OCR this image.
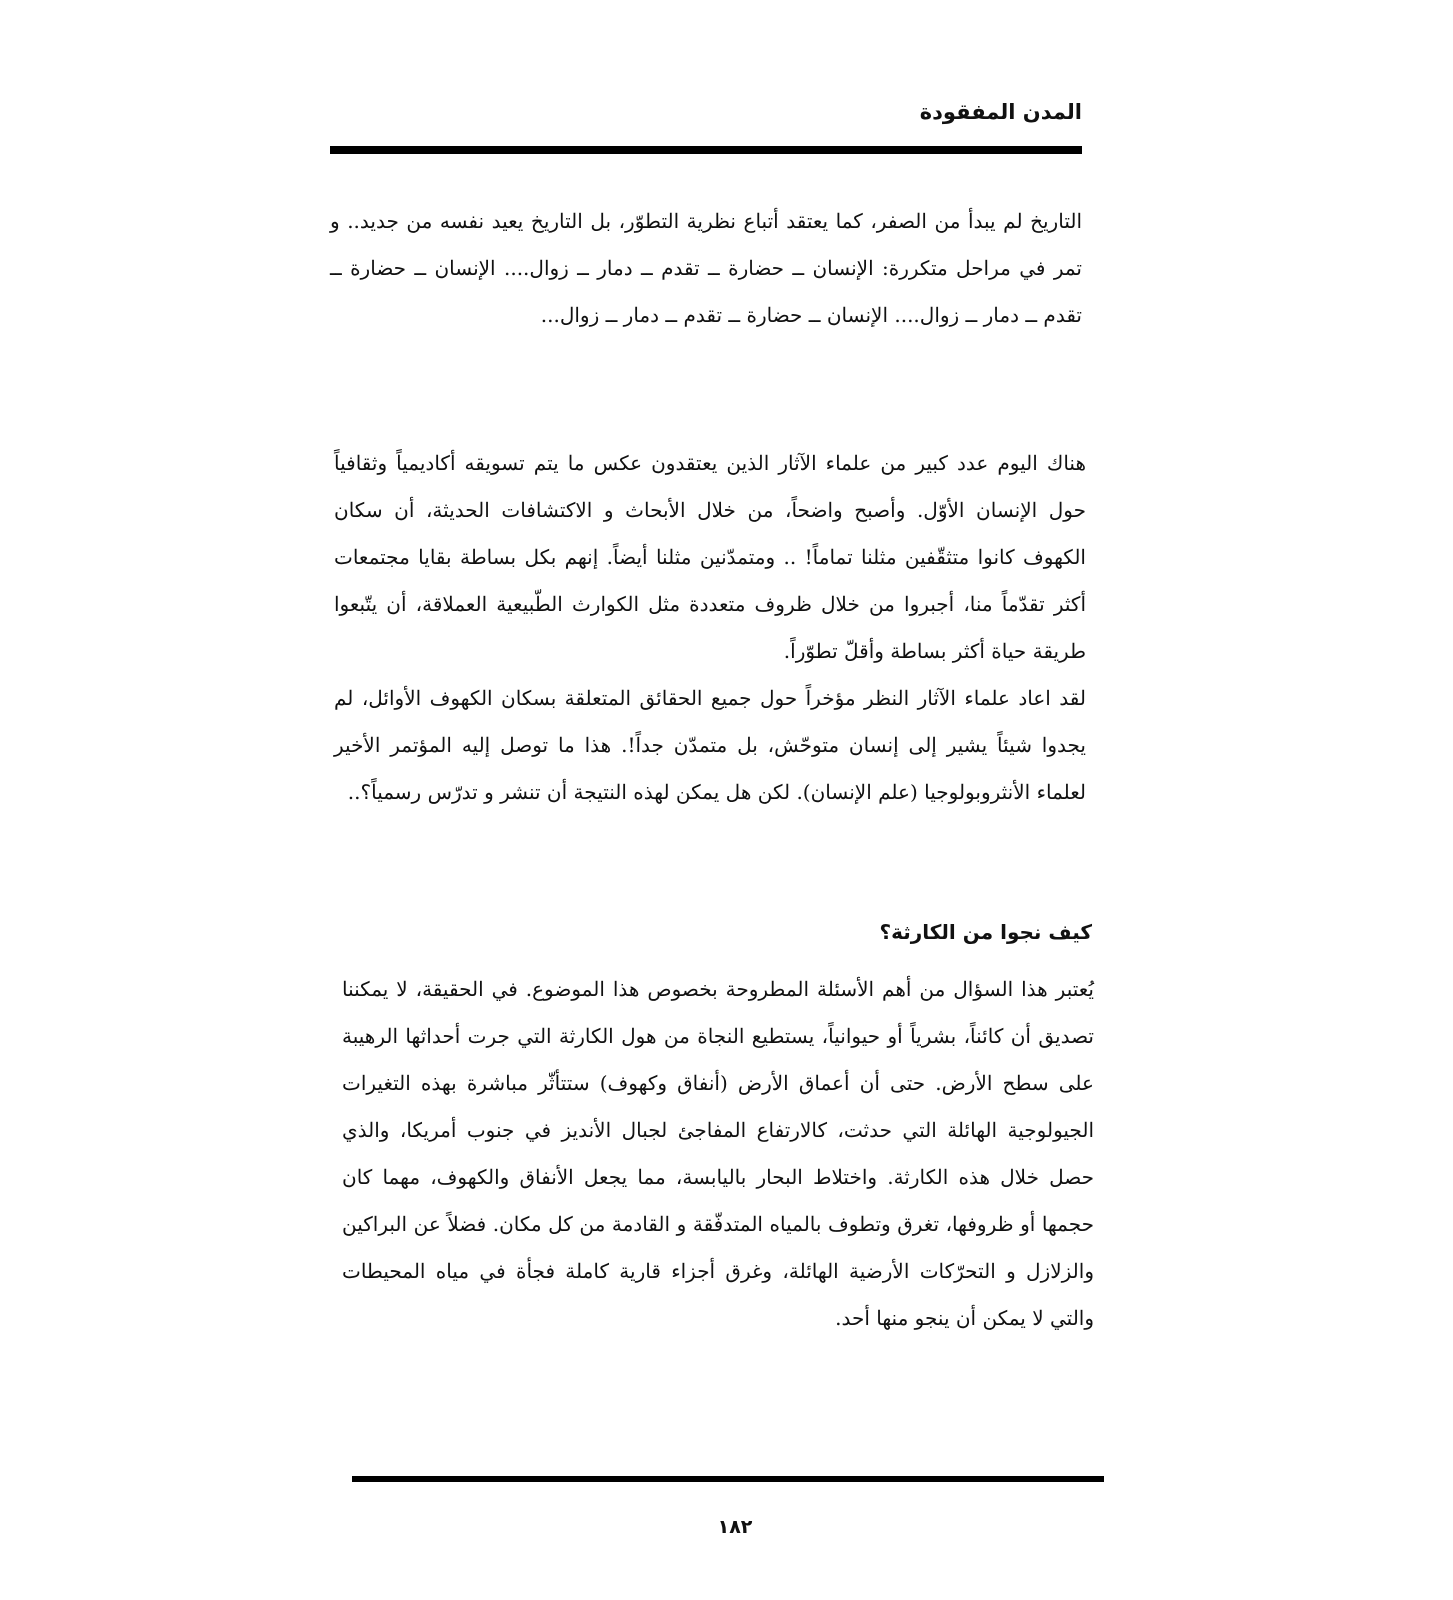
المدن المفقودة

التاريخ لم يبدأ من الصفر، كما يعتقد أتباع نظرية التطوّر، بل التاريخ يعيد نفسه من جديد.. و تمر في مراحل متكررة: الإنسان ــ حضارة ــ تقدم ــ دمار ــ زوال.... الإنسان ــ حضارة ــ تقدم ــ دمار ــ زوال.... الإنسان ــ حضارة ــ تقدم ــ دمار ــ زوال...

هناك اليوم عدد كبير من علماء الآثار الذين يعتقدون عكس ما يتم تسويقه أكاديمياً وثقافياً حول الإنسان الأوّل. وأصبح واضحاً، من خلال الأبحاث و الاكتشافات الحديثة، أن سكان الكهوف كانوا متثقّفين مثلنا تماماً! .. ومتمدّنين مثلنا أيضاً. إنهم بكل بساطة بقايا مجتمعات أكثر تقدّماً منا، أجبروا من خلال ظروف متعددة مثل الكوارث الطّبيعية العملاقة، أن يتّبعوا طريقة حياة أكثر بساطة وأقلّ تطوّراً.

لقد اعاد علماء الآثار النظر مؤخراً حول جميع الحقائق المتعلقة بسكان الكهوف الأوائل، لم يجدوا شيئاً يشير إلى إنسان متوحّش، بل متمدّن جداً!. هذا ما توصل إليه المؤتمر الأخير لعلماء الأنثروبولوجيا (علم الإنسان). لكن هل يمكن لهذه النتيجة أن تنشر و تدرّس رسمياً؟..

كيف نجوا من الكارثة؟

يُعتبر هذا السؤال من أهم الأسئلة المطروحة بخصوص هذا الموضوع. في الحقيقة، لا يمكننا تصديق أن كائناً، بشرياً أو حيوانياً، يستطيع النجاة من هول الكارثة التي جرت أحداثها الرهيبة على سطح الأرض. حتى أن أعماق الأرض (أنفاق وكهوف) ستتأثّر مباشرة بهذه التغيرات الجيولوجية الهائلة التي حدثت، كالارتفاع المفاجئ لجبال الأنديز في جنوب أمريكا، والذي حصل خلال هذه الكارثة. واختلاط البحار باليابسة، مما يجعل الأنفاق والكهوف، مهما كان حجمها أو ظروفها، تغرق وتطوف بالمياه المتدفّقة و القادمة من كل مكان. فضلاً عن البراكين والزلازل و التحرّكات الأرضية الهائلة، وغرق أجزاء قارية كاملة فجأة في مياه المحيطات والتي لا يمكن أن ينجو منها أحد.

١٨٢
